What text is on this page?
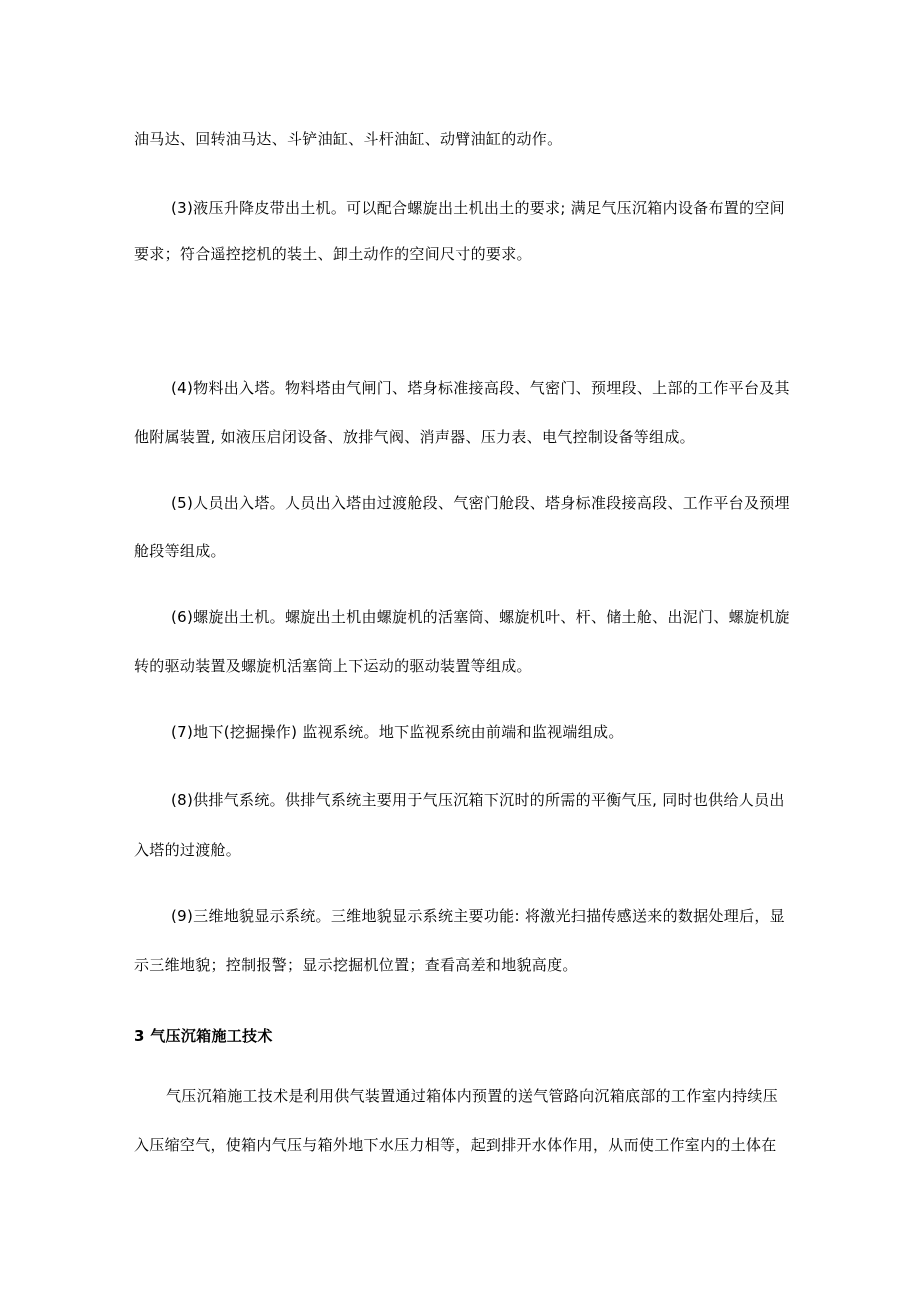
油马达、回转油马达、斗铲油缸、斗杆油缸、动臂油缸的动作。
(3)液压升降皮带出土机。可以配合螺旋出土机出土的要求; 满足气压沉箱内设备布置的空间
要求；符合遥控挖机的装土、卸土动作的空间尺寸的要求。
(4)物料出入塔。物料塔由气闸门、塔身标准接高段、气密门、预埋段、上部的工作平台及其
他附属装置, 如液压启闭设备、放排气阀、消声器、压力表、电气控制设备等组成。
(5)人员出入塔。人员出入塔由过渡舱段、气密门舱段、塔身标准段接高段、工作平台及预埋
舱段等组成。
(6)螺旋出土机。螺旋出土机由螺旋机的活塞筒、螺旋机叶、杆、储土舱、出泥门、螺旋机旋
转的驱动装置及螺旋机活塞筒上下运动的驱动装置等组成。
(7)地下(挖掘操作) 监视系统。地下监视系统由前端和监视端组成。
(8)供排气系统。供排气系统主要用于气压沉箱下沉时的所需的平衡气压, 同时也供给人员出
入塔的过渡舱。
(9)三维地貌显示系统。三维地貌显示系统主要功能: 将激光扫描传感送来的数据处理后，显
示三维地貌；控制报警；显示挖掘机位置；查看高差和地貌高度。
3 气压沉箱施工技术
气压沉箱施工技术是利用供气装置通过箱体内预置的送气管路向沉箱底部的工作室内持续压
入压缩空气，使箱内气压与箱外地下水压力相等，起到排开水体作用，从而使工作室内的土体在
